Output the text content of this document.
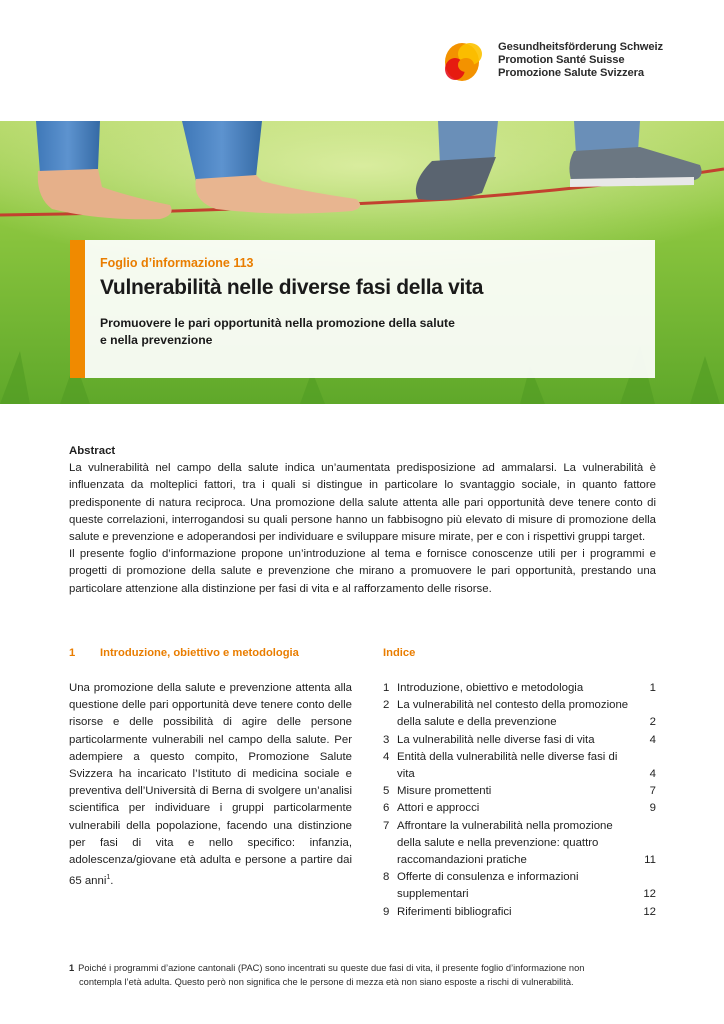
Gesundheitsförderung Schweiz
Promotion Santé Suisse
Promozione Salute Svizzera
Foglio d’informazione 113
Vulnerabilità nelle diverse fasi della vita
Promuovere le pari opportunità nella promozione della salute
e nella prevenzione
Abstract

La vulnerabilità nel campo della salute indica un’aumentata predisposizione ad ammalarsi. La vulnerabilità è influenzata da molteplici fattori, tra i quali si distingue in particolare lo svantaggio sociale, in quanto fattore predisponente di natura reciproca. Una promozione della salute attenta alle pari opportunità deve tenere conto di queste correlazioni, interrogandosi su quali persone hanno un fabbisogno più elevato di misure di promozione della salute e prevenzione e adoperandosi per individuare e sviluppare misure mirate, per e con i rispettivi gruppi target.

Il presente foglio d’informazione propone un’introduzione al tema e fornisce conoscenze utili per i programmi e progetti di promozione della salute e prevenzione che mirano a promuovere le pari opportunità, prestando una particolare attenzione alla distinzione per fasi di vita e al rafforzamento delle risorse.

1 Introduzione, obiettivo e metodologia	Indice

Una promozione della salute e prevenzione attenta alla questione delle pari opportunità deve tenere conto delle risorse e delle possibilità di agire delle persone particolarmente vulnerabili nel campo della salute. Per adempiere a questo compito, Promozione Salute Svizzera ha incaricato l’Istituto di medicina sociale e preventiva dell’Università di Berna di svolgere un’analisi scientifica per individuare i gruppi particolarmente vulnerabili della popolazione, facendo una distinzione per fasi di vita e nello specifico: infanzia, adolescenza/giovane età adulta e persone a partire dai 65 anni$^1$.

1 Introduzione, obiettivo e metodologia	1
2 La vulnerabilità nel contesto della promozione della salute e della prevenzione	2
3 La vulnerabilità nelle diverse fasi di vita	4
4 Entità della vulnerabilità nelle diverse fasi di vita	4
5 Misure promettenti	7
6 Attori e approcci	9
7 Affrontare la vulnerabilità nella promozione della salute e nella prevenzione: quattro raccomandazioni pratiche	11
8 Offerte di consulenza e informazioni supplementari	12
9 Riferimenti bibliografici	12
1 Poiché i programmi d’azione cantonali (PAC) sono incentrati su queste due fasi di vita, il presente foglio d’informazione non
contempla l’età adulta. Questo però non significa che le persone di mezza età non siano esposte a rischi di vulnerabilità.
